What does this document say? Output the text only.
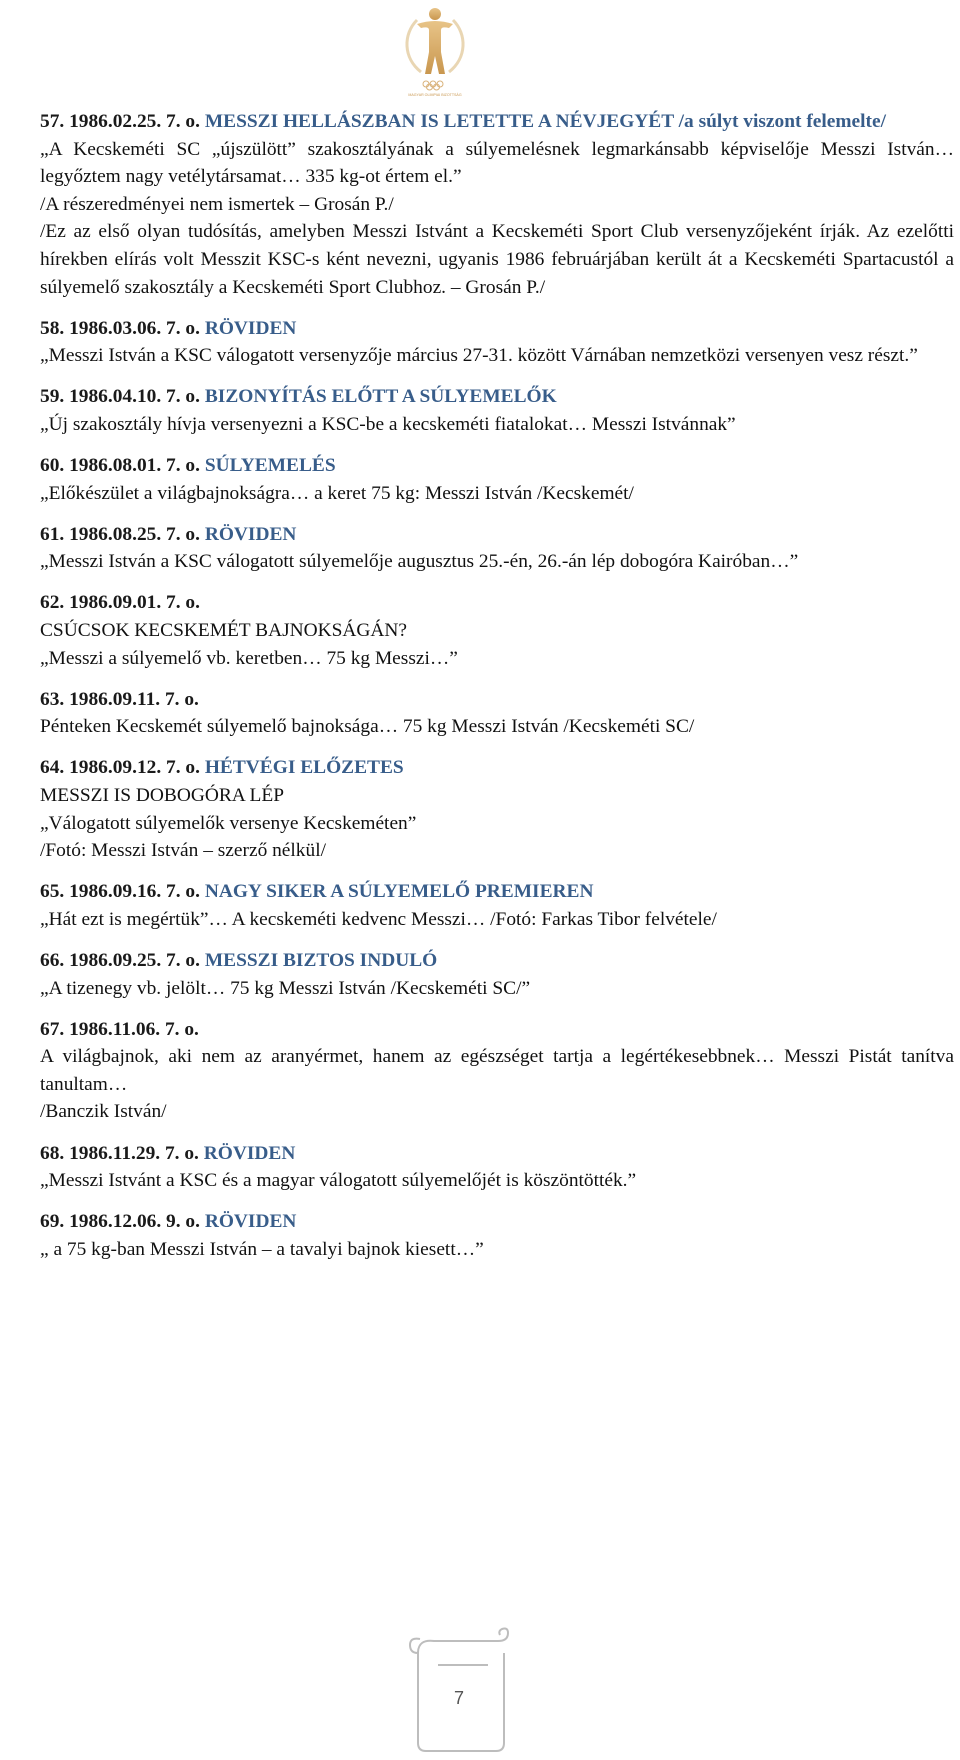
MAGYAR OLIMPIAI BIZOTTSÁG

57. 1986.02.25. 7. o. MESSZI HELLÁSZBAN IS LETETTE A NÉVJEGYÉT /a súlyt viszont felemelte/

„A Kecskeméti SC „újszülött” szakosztályának a súlyemelésnek legmarkánsabb képviselője Messzi István… legyőztem nagy vetélytársamat… 335 kg-ot értem el.”

/A részeredményei nem ismertek – Grosán P./

/Ez az első olyan tudósítás, amelyben Messzi Istvánt a Kecskeméti Sport Club versenyzőjeként írják. Az ezelőtti hírekben elírás volt Messzit KSC-s ként nevezni, ugyanis 1986 februárjában került át a Kecskeméti Spartacustól a súlyemelő szakosztály a Kecskeméti Sport Clubhoz. – Grosán P./

58. 1986.03.06. 7. o. RÖVIDEN

„Messzi István a KSC válogatott versenyzője március 27-31. között Várnában nemzetközi versenyen vesz részt.”

59. 1986.04.10. 7. o. BIZONYÍTÁS ELŐTT A SÚLYEMELŐK

„Új szakosztály hívja versenyezni a KSC-be a kecskeméti fiatalokat… Messzi Istvánnak”

60. 1986.08.01. 7. o. SÚLYEMELÉS

„Előkészület a világbajnokságra… a keret 75 kg: Messzi István /Kecskemét/

61. 1986.08.25. 7. o. RÖVIDEN

„Messzi István a KSC válogatott súlyemelője augusztus 25.-én, 26.-án lép dobogóra Kairóban…”

62. 1986.09.01. 7. o.

CSÚCSOK KECSKEMÉT BAJNOKSÁGÁN?

„Messzi a súlyemelő vb. keretben… 75 kg Messzi…”

63. 1986.09.11. 7. o.

Pénteken Kecskemét súlyemelő bajnoksága… 75 kg Messzi István /Kecskeméti SC/

64. 1986.09.12. 7. o. HÉTVÉGI ELŐZETES

MESSZI IS DOBOGÓRA LÉP

„Válogatott súlyemelők versenye Kecskeméten”

/Fotó: Messzi István – szerző nélkül/

65. 1986.09.16. 7. o. NAGY SIKER A SÚLYEMELŐ PREMIEREN

„Hát ezt is megértük”… A kecskeméti kedvenc Messzi… /Fotó: Farkas Tibor felvétele/

66. 1986.09.25. 7. o. MESSZI BIZTOS INDULÓ

„A tizenegy vb. jelölt… 75 kg Messzi István /Kecskeméti SC/”

67. 1986.11.06. 7. o.

A világbajnok, aki nem az aranyérmet, hanem az egészséget tartja a legértékesebbnek… Messzi Pistát tanítva tanultam…

/Banczik István/

68. 1986.11.29. 7. o. RÖVIDEN

„Messzi Istvánt a KSC és a magyar válogatott súlyemelőjét is köszöntötték.”

69. 1986.12.06. 9. o. RÖVIDEN

„ a 75 kg-ban Messzi István – a tavalyi bajnok kiesett…”

7
